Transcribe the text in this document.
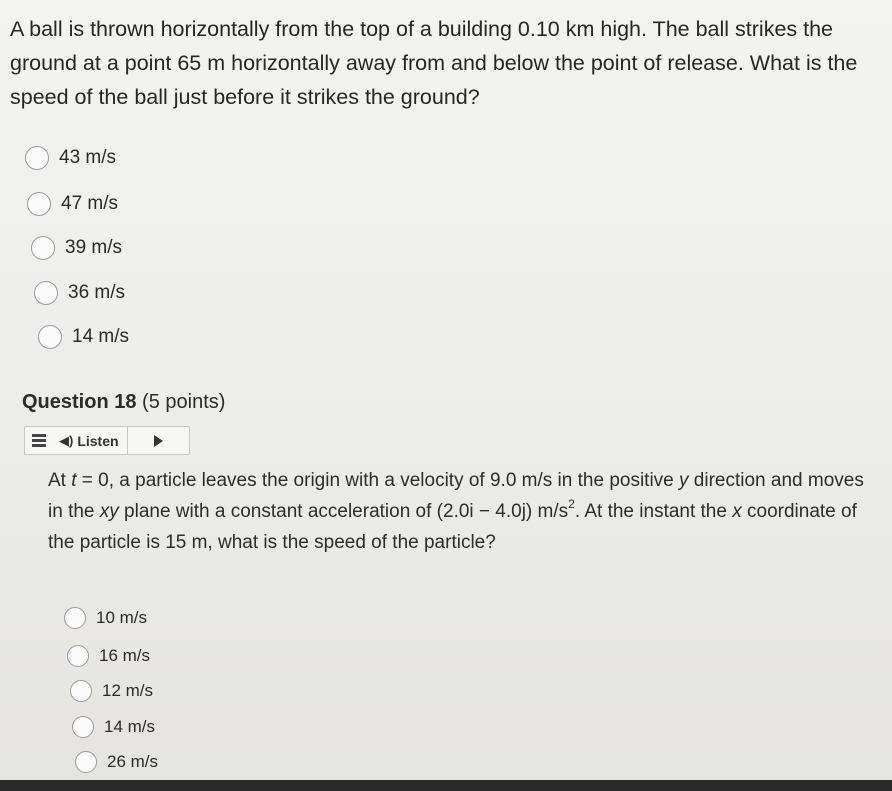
A ball is thrown horizontally from the top of a building 0.10 km high. The ball strikes the ground at a point 65 m horizontally away from and below the point of release. What is the speed of the ball just before it strikes the ground?
43 m/s
47 m/s
39 m/s
36 m/s
14 m/s
Question 18 (5 points)
◀) Listen
At t = 0, a particle leaves the origin with a velocity of 9.0 m/s in the positive y direction and moves in the xy plane with a constant acceleration of (2.0i − 4.0j) $m/s^2$. At the instant the x coordinate of the particle is 15 m, what is the speed of the particle?
10 m/s
16 m/s
12 m/s
14 m/s
26 m/s
